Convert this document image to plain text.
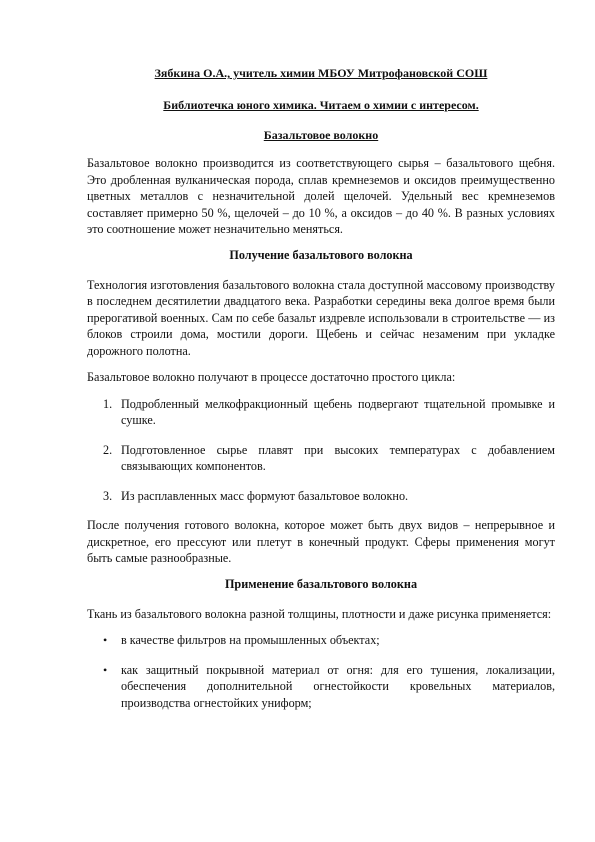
Зябкина О.А., учитель химии МБОУ Митрофановской СОШ

Библиотечка юного химика. Читаем о химии с интересом.

Базальтовое волокно

Базальтовое волокно производится из соответствующего сырья – базальтового щебня. Это дробленная вулканическая порода, сплав кремнеземов и оксидов преимущественно цветных металлов с незначительной долей щелочей. Удельный вес кремнеземов составляет примерно 50 %, щелочей – до 10 %, а оксидов – до 40 %. В разных условиях это соотношение может незначительно меняться.

Получение базальтового волокна

Технология изготовления базальтового волокна стала доступной массовому производству в последнем десятилетии двадцатого века. Разработки середины века долгое время были прерогативой военных. Сам по себе базальт издревле использовали в строительстве — из блоков строили дома, мостили дороги. Щебень и сейчас незаменим при укладке дорожного полотна.

Базальтовое волокно получают в процессе достаточно простого цикла:

1. Подробленный мелкофракционный щебень подвергают тщательной промывке и сушке.
2. Подготовленное сырье плавят при высоких температурах с добавлением связывающих компонентов.
3. Из расплавленных масс формуют базальтовое волокно.

После получения готового волокна, которое может быть двух видов – непрерывное и дискретное, его прессуют или плетут в конечный продукт. Сферы применения могут быть самые разнообразные.

Применение базальтового волокна

Ткань из базальтового волокна разной толщины, плотности и даже рисунка применяется:

• в качестве фильтров на промышленных объектах;
• как защитный покрывной материал от огня: для его тушения, локализации, обеспечения дополнительной огнестойкости кровельных материалов, производства огнестойких униформ;
